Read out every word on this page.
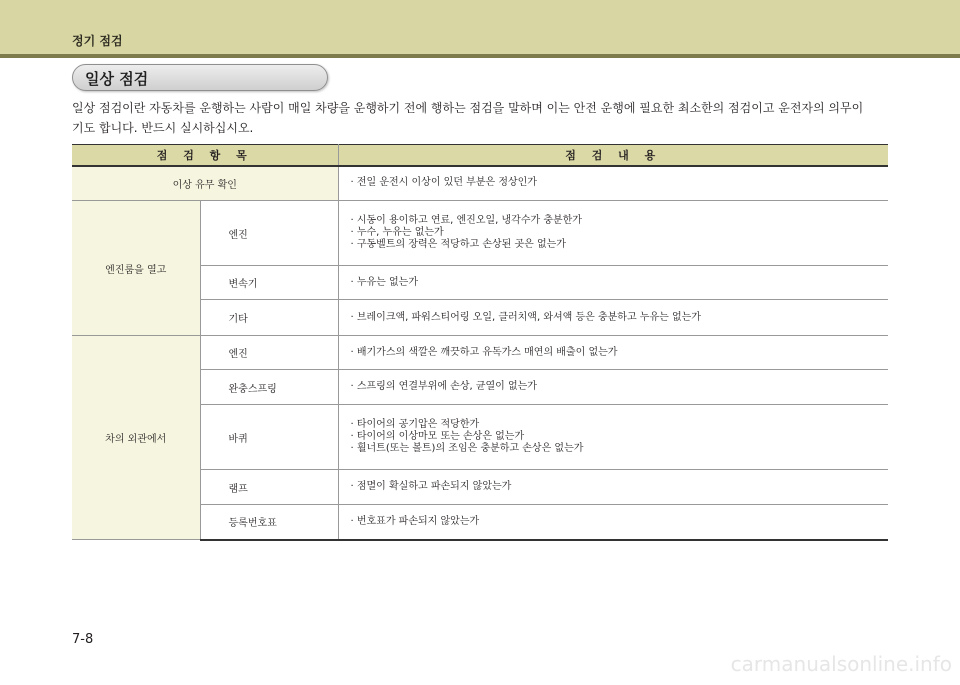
정기 점검
일상 점검
일상 점검이란 자동차를 운행하는 사람이 매일 차량을 운행하기 전에 행하는 점검을 말하며 이는 안전 운행에 필요한 최소한의 점검이고 운전자의 의무이
기도 합니다. 반드시 실시하십시오.
점 검 항 목		점 검 내 용
이상 유무 확인		· 전일 운전시 이상이 있던 부분은 정상인가
엔진룸을 열고	엔진	· 시동이 용이하고 연료, 엔진오일, 냉각수가 충분한가
· 누수, 누유는 없는가
· 구동벨트의 장력은 적당하고 손상된 곳은 없는가

	변속기	· 누유는 없는가

	기타	· 브레이크액, 파워스티어링 오일, 클러치액, 와셔액 등은 충분하고 누유는 없는가

차의 외관에서	엔진	· 배기가스의 색깔은 깨끗하고 유독가스 매연의 배출이 없는가

	완충스프링	· 스프링의 연결부위에 손상, 균열이 없는가

	바퀴	· 타이어의 공기압은 적당한가
· 타이어의 이상마모 또는 손상은 없는가
· 휠너트(또는 볼트)의 조임은 충분하고 손상은 없는가

	램프	· 점멸이 확실하고 파손되지 않았는가

	등록번호표	· 번호표가 파손되지 않았는가
7-8
carmanualsonline.info
